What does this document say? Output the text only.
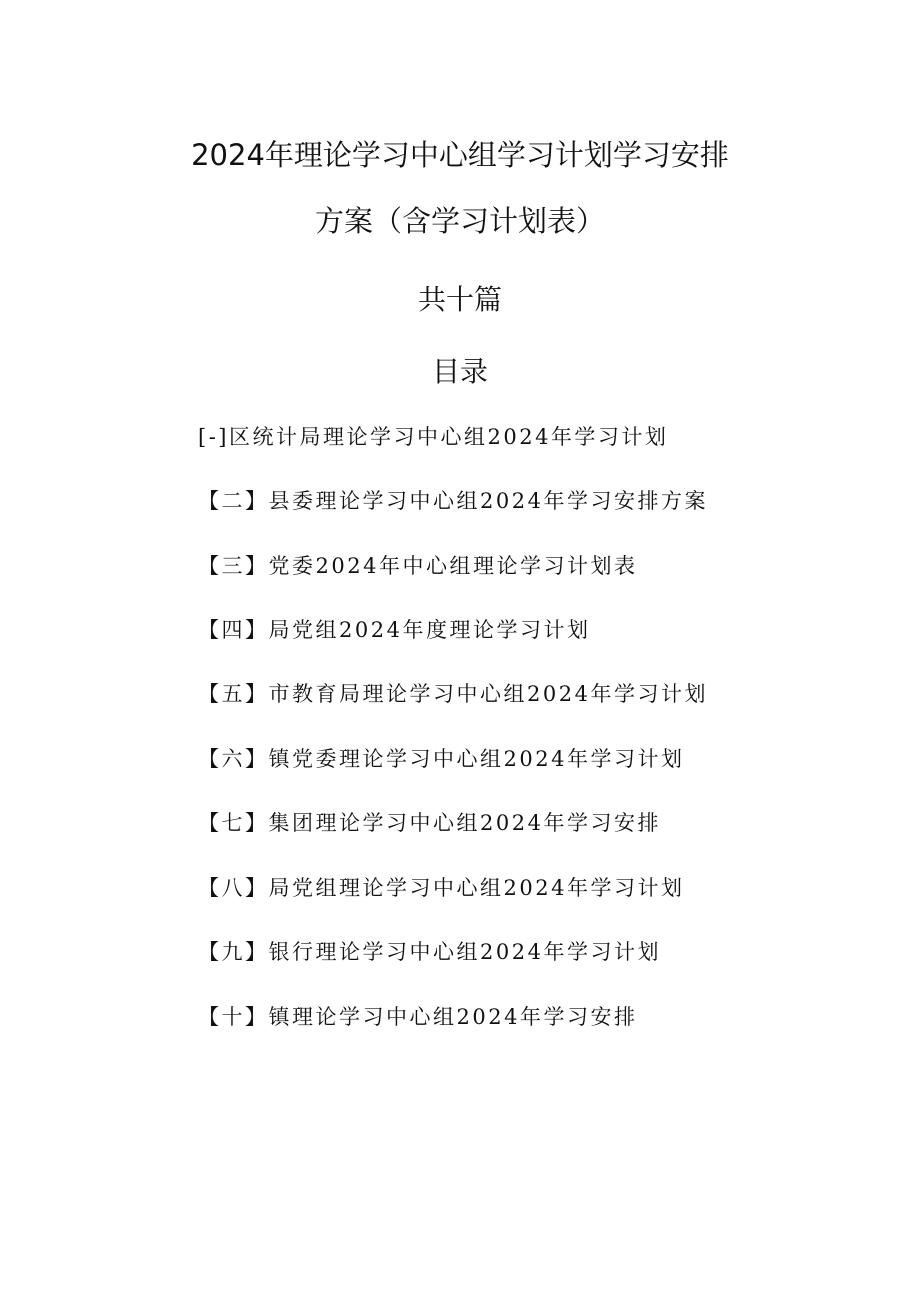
2024年理论学习中心组学习计划学习安排
方案（含学习计划表）
共十篇
目录
[-]区统计局理论学习中心组2024年学习计划
【二】县委理论学习中心组2024年学习安排方案
【三】党委2024年中心组理论学习计划表
【四】局党组2024年度理论学习计划
【五】市教育局理论学习中心组2024年学习计划
【六】镇党委理论学习中心组2024年学习计划
【七】集团理论学习中心组2024年学习安排
【八】局党组理论学习中心组2024年学习计划
【九】银行理论学习中心组2024年学习计划
【十】镇理论学习中心组2024年学习安排
